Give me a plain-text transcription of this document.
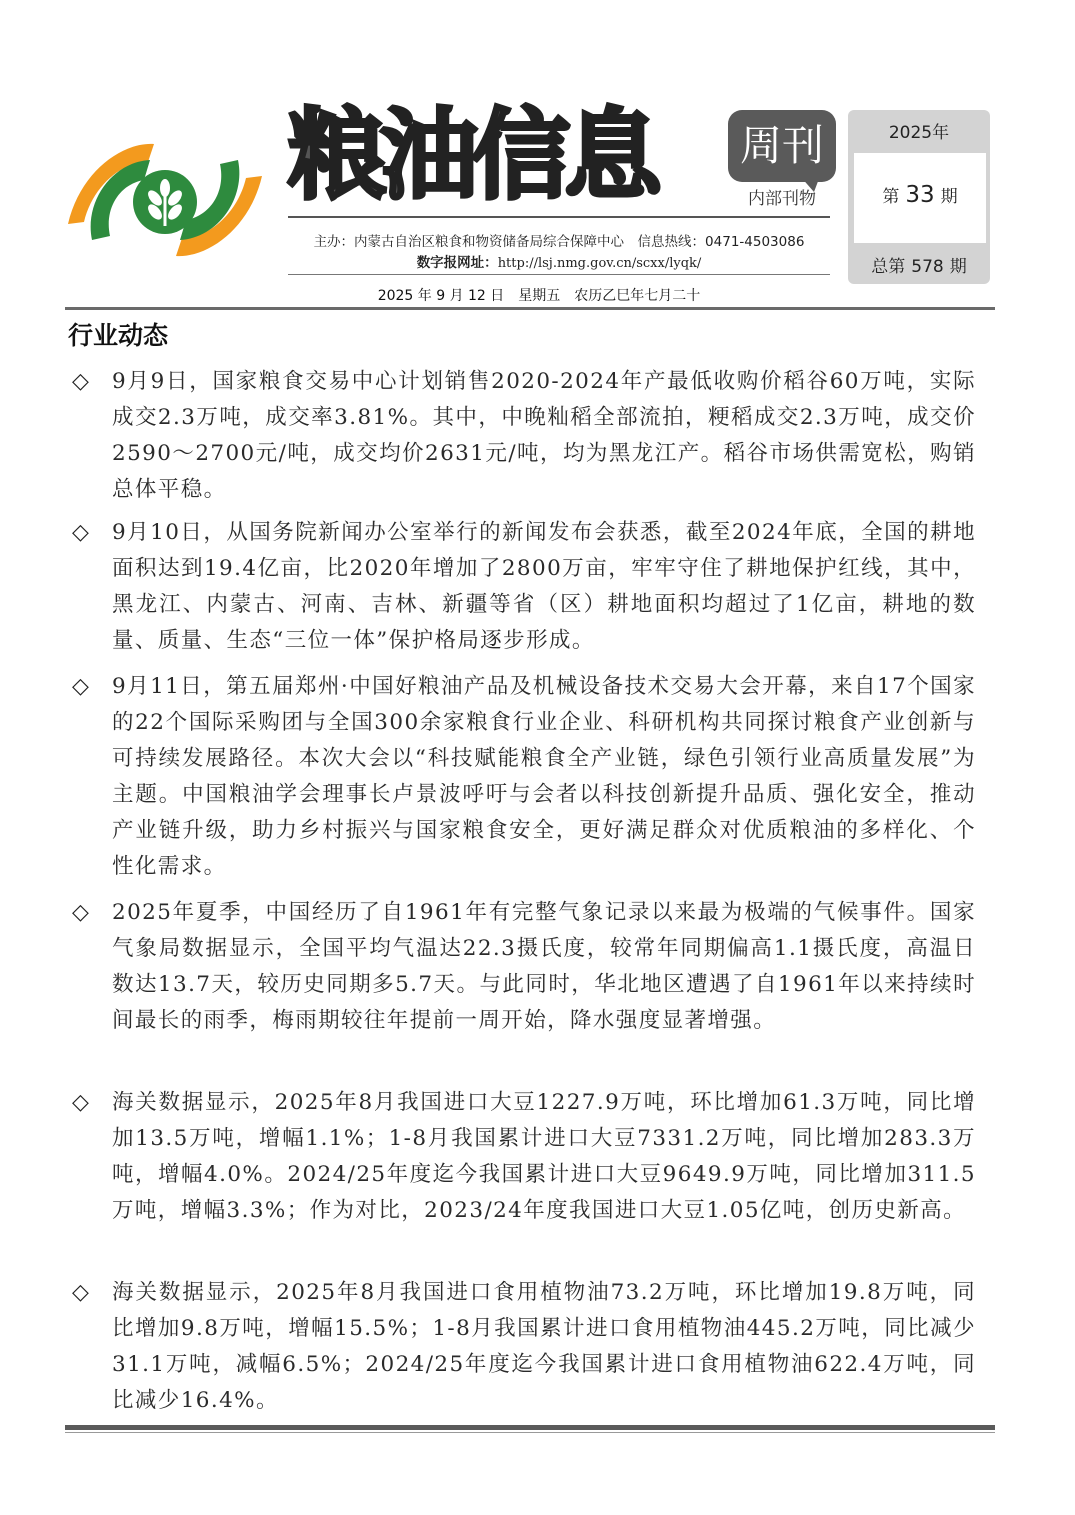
粮油信息	周刊
内部刊物
主办：内蒙古自治区粮食和物资储备局综合保障中心　信息热线：0471-4503086
数字报网址：http://lsj.nmg.gov.cn/scxx/lyqk/
2025年
第 33 期
总第 578 期
2025 年 9 月 12 日 星期五 农历乙巳年七月二十
行业动态
◇	9月9日，国家粮食交易中心计划销售2020-2024年产最低收购价稻谷60万吨，实际成交2.3万吨，成交率3.81%。其中，中晚籼稻全部流拍，粳稻成交2.3万吨，成交价2590～2700元/吨，成交均价2631元/吨，均为黑龙江产。稻谷市场供需宽松，购销总体平稳。
◇	9月10日，从国务院新闻办公室举行的新闻发布会获悉，截至2024年底，全国的耕地面积达到19.4亿亩，比2020年增加了2800万亩，牢牢守住了耕地保护红线，其中，黑龙江、内蒙古、河南、吉林、新疆等省（区）耕地面积均超过了1亿亩，耕地的数量、质量、生态“三位一体”保护格局逐步形成。
◇	9月11日，第五届郑州·中国好粮油产品及机械设备技术交易大会开幕，来自17个国家的22个国际采购团与全国300余家粮食行业企业、科研机构共同探讨粮食产业创新与可持续发展路径。本次大会以“科技赋能粮食全产业链，绿色引领行业高质量发展”为主题。中国粮油学会理事长卢景波呼吁与会者以科技创新提升品质、强化安全，推动产业链升级，助力乡村振兴与国家粮食安全，更好满足群众对优质粮油的多样化、个性化需求。
◇	2025年夏季，中国经历了自1961年有完整气象记录以来最为极端的气候事件。国家气象局数据显示，全国平均气温达22.3摄氏度，较常年同期偏高1.1摄氏度，高温日数达13.7天，较历史同期多5.7天。与此同时，华北地区遭遇了自1961年以来持续时间最长的雨季，梅雨期较往年提前一周开始，降水强度显著增强。
◇	海关数据显示，2025年8月我国进口大豆1227.9万吨，环比增加61.3万吨，同比增加13.5万吨，增幅1.1%；1-8月我国累计进口大豆7331.2万吨，同比增加283.3万吨，增幅4.0%。2024/25年度迄今我国累计进口大豆9649.9万吨，同比增加311.5万吨，增幅3.3%；作为对比，2023/24年度我国进口大豆1.05亿吨，创历史新高。
◇	海关数据显示，2025年8月我国进口食用植物油73.2万吨，环比增加19.8万吨，同比增加9.8万吨，增幅15.5%；1-8月我国累计进口食用植物油445.2万吨，同比减少31.1万吨，减幅6.5%；2024/25年度迄今我国累计进口食用植物油622.4万吨，同比减少16.4%。
